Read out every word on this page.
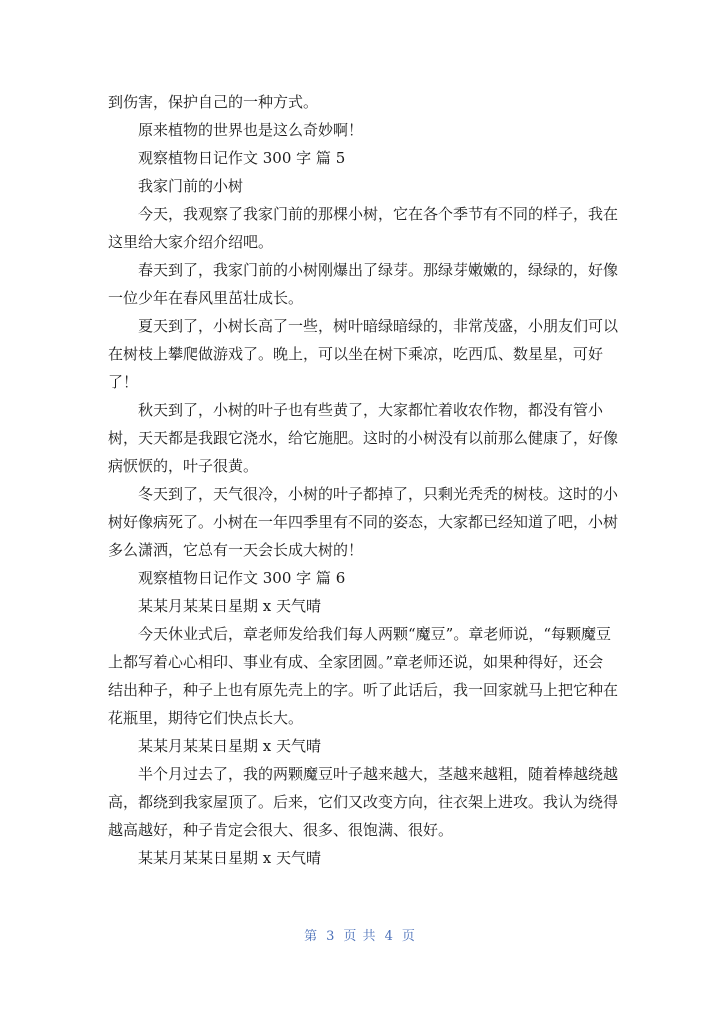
到伤害，保护自己的一种方式。

原来植物的世界也是这么奇妙啊！

观察植物日记作文 300 字 篇 5

我家门前的小树

今天，我观察了我家门前的那棵小树，它在各个季节有不同的样子，我在这里给大家介绍介绍吧。

春天到了，我家门前的小树刚爆出了绿芽。那绿芽嫩嫩的，绿绿的，好像一位少年在春风里茁壮成长。

夏天到了，小树长高了一些，树叶暗绿暗绿的，非常茂盛，小朋友们可以在树枝上攀爬做游戏了。晚上，可以坐在树下乘凉，吃西瓜、数星星，可好了！

秋天到了，小树的叶子也有些黄了，大家都忙着收农作物，都没有管小树，天天都是我跟它浇水，给它施肥。这时的小树没有以前那么健康了，好像病恹恹的，叶子很黄。

冬天到了，天气很冷，小树的叶子都掉了，只剩光秃秃的树枝。这时的小树好像病死了。小树在一年四季里有不同的姿态，大家都已经知道了吧，小树多么潇洒，它总有一天会长成大树的！

观察植物日记作文 300 字 篇 6

某某月某某日星期 x 天气晴

今天休业式后，章老师发给我们每人两颗“魔豆”。章老师说，“每颗魔豆上都写着心心相印、事业有成、全家团圆。”章老师还说，如果种得好，还会结出种子，种子上也有原先壳上的字。听了此话后，我一回家就马上把它种在花瓶里，期待它们快点长大。

某某月某某日星期 x 天气晴

半个月过去了，我的两颗魔豆叶子越来越大，茎越来越粗，随着棒越绕越高，都绕到我家屋顶了。后来，它们又改变方向，往衣架上进攻。我认为绕得越高越好，种子肯定会很大、很多、很饱满、很好。

某某月某某日星期 x 天气晴

第 3 页 共 4 页
